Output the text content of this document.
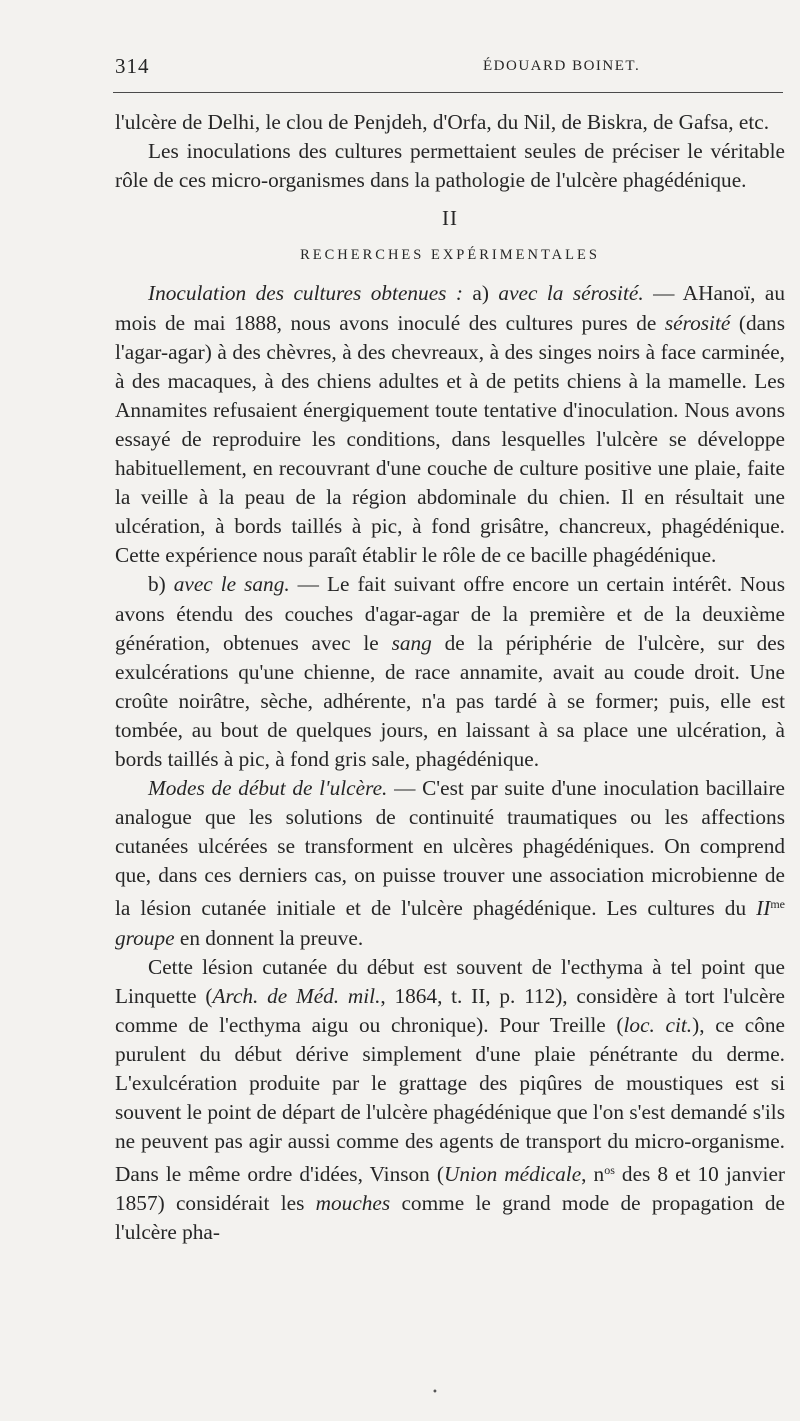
314	ÉDOUARD BOINET.

l'ulcère de Delhi, le clou de Penjdeh, d'Orfa, du Nil, de Biskra, de Gafsa, etc.

Les inoculations des cultures permettaient seules de préciser le véritable rôle de ces micro-organismes dans la pathologie de l'ulcère phagédénique.

II
RECHERCHES EXPÉRIMENTALES

Inoculation des cultures obtenues : a) avec la sérosité. — AHanoï, au mois de mai 1888, nous avons inoculé des cultures pures de sérosité (dans l'agar-agar) à des chèvres, à des chevreaux, à des singes noirs à face carminée, à des macaques, à des chiens adultes et à de petits chiens à la mamelle. Les Annamites refusaient énergiquement toute tentative d'inoculation. Nous avons essayé de reproduire les conditions, dans lesquelles l'ulcère se développe habituellement, en recouvrant d'une couche de culture positive une plaie, faite la veille à la peau de la région abdominale du chien. Il en résultait une ulcération, à bords taillés à pic, à fond grisâtre, chancreux, phagédénique. Cette expérience nous paraît établir le rôle de ce bacille phagédénique.

b) avec le sang. — Le fait suivant offre encore un certain intérêt. Nous avons étendu des couches d'agar-agar de la première et de la deuxième génération, obtenues avec le sang de la périphérie de l'ulcère, sur des exulcérations qu'une chienne, de race annamite, avait au coude droit. Une croûte noirâtre, sèche, adhérente, n'a pas tardé à se former; puis, elle est tombée, au bout de quelques jours, en laissant à sa place une ulcération, à bords taillés à pic, à fond gris sale, phagédénique.

Modes de début de l'ulcère. — C'est par suite d'une inoculation bacillaire analogue que les solutions de continuité traumatiques ou les affections cutanées ulcérées se transforment en ulcères phagédéniques. On comprend que, dans ces derniers cas, on puisse trouver une association microbienne de la lésion cutanée initiale et de l'ulcère phagédénique. Les cultures du $II^{me}$ groupe en donnent la preuve.

Cette lésion cutanée du début est souvent de l'ecthyma à tel point que Linquette (Arch. de Méd. mil., 1864, t. II, p. 112), considère à tort l'ulcère comme de l'ecthyma aigu ou chronique). Pour Treille (loc. cit.), ce cône purulent du début dérive simplement d'une plaie pénétrante du derme. L'exulcération produite par le grattage des piqûres de moustiques est si souvent le point de départ de l'ulcère phagédénique que l'on s'est demandé s'ils ne peuvent pas agir aussi comme des agents de transport du micro-organisme. Dans le même ordre d'idées, Vinson (Union médicale, $n^{os}$ des 8 et 10 janvier 1857) considérait les mouches comme le grand mode de propagation de l'ulcère pha-

•
